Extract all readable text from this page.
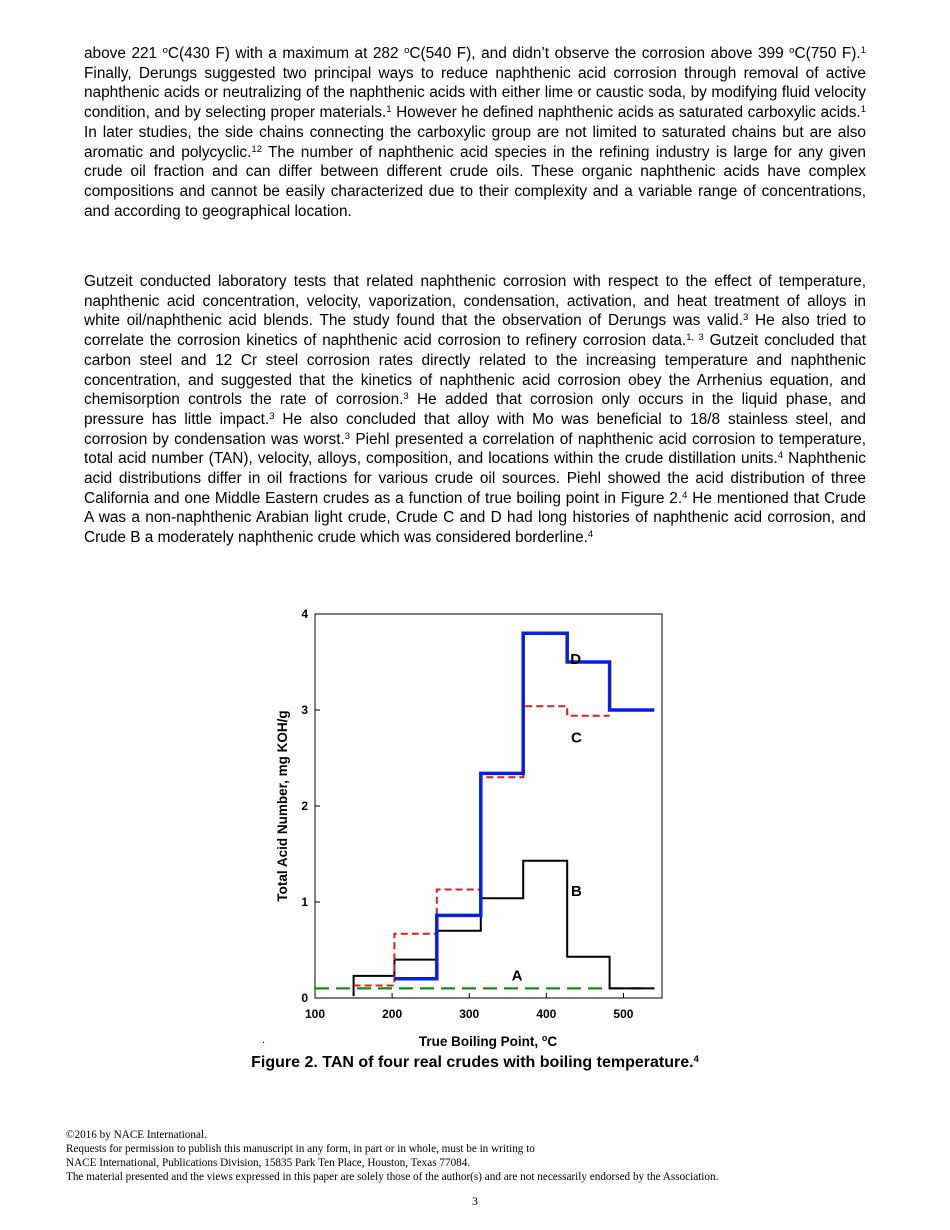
above 221 $^o$C(430 F) with a maximum at 282 $^o$C(540 F), and didn’t observe the corrosion above 399 $^o$C(750 F).$^1$ Finally, Derungs suggested two principal ways to reduce naphthenic acid corrosion through removal of active naphthenic acids or neutralizing of the naphthenic acids with either lime or caustic soda, by modifying fluid velocity condition, and by selecting proper materials.$^1$ However he defined naphthenic acids as saturated carboxylic acids.$^1$ In later studies, the side chains connecting the carboxylic group are not limited to saturated chains but are also aromatic and polycyclic.$^{12}$ The number of naphthenic acid species in the refining industry is large for any given crude oil fraction and can differ between different crude oils. These organic naphthenic acids have complex compositions and cannot be easily characterized due to their complexity and a variable range of concentrations, and according to geographical location.

Gutzeit conducted laboratory tests that related naphthenic corrosion with respect to the effect of temperature, naphthenic acid concentration, velocity, vaporization, condensation, activation, and heat treatment of alloys in white oil/naphthenic acid blends. The study found that the observation of Derungs was valid.$^3$ He also tried to correlate the corrosion kinetics of naphthenic acid corrosion to refinery corrosion data.$^{1, 3}$ Gutzeit concluded that carbon steel and 12 Cr steel corrosion rates directly related to the increasing temperature and naphthenic concentration, and suggested that the kinetics of naphthenic acid corrosion obey the Arrhenius equation, and chemisorption controls the rate of corrosion.$^3$ He added that corrosion only occurs in the liquid phase, and pressure has little impact.$^3$ He also concluded that alloy with Mo was beneficial to 18/8 stainless steel, and corrosion by condensation was worst.$^3$ Piehl presented a correlation of naphthenic acid corrosion to temperature, total acid number (TAN), velocity, alloys, composition, and locations within the crude distillation units.$^4$ Naphthenic acid distributions differ in oil fractions for various crude oil sources. Piehl showed the acid distribution of three California and one Middle Eastern crudes as a function of true boiling point in Figure 2.$^4$ He mentioned that Crude A was a non-naphthenic Arabian light crude, Crude C and D had long histories of naphthenic acid corrosion, and Crude B a moderately naphthenic crude which was considered borderline.$^4$

100	200	300	400	500
0
1
2
3
4
A
B
C
D
Total Acid Number, mg KOH/g
True Boiling Point, $^o$C
.

Figure 2. TAN of four real crudes with boiling temperature.$^4$

©2016 by NACE International.
Requests for permission to publish this manuscript in any form, in part or in whole, must be in writing to
NACE International, Publications Division, 15835 Park Ten Place, Houston, Texas 77084.
The material presented and the views expressed in this paper are solely those of the author(s) and are not necessarily endorsed by the Association.
3
